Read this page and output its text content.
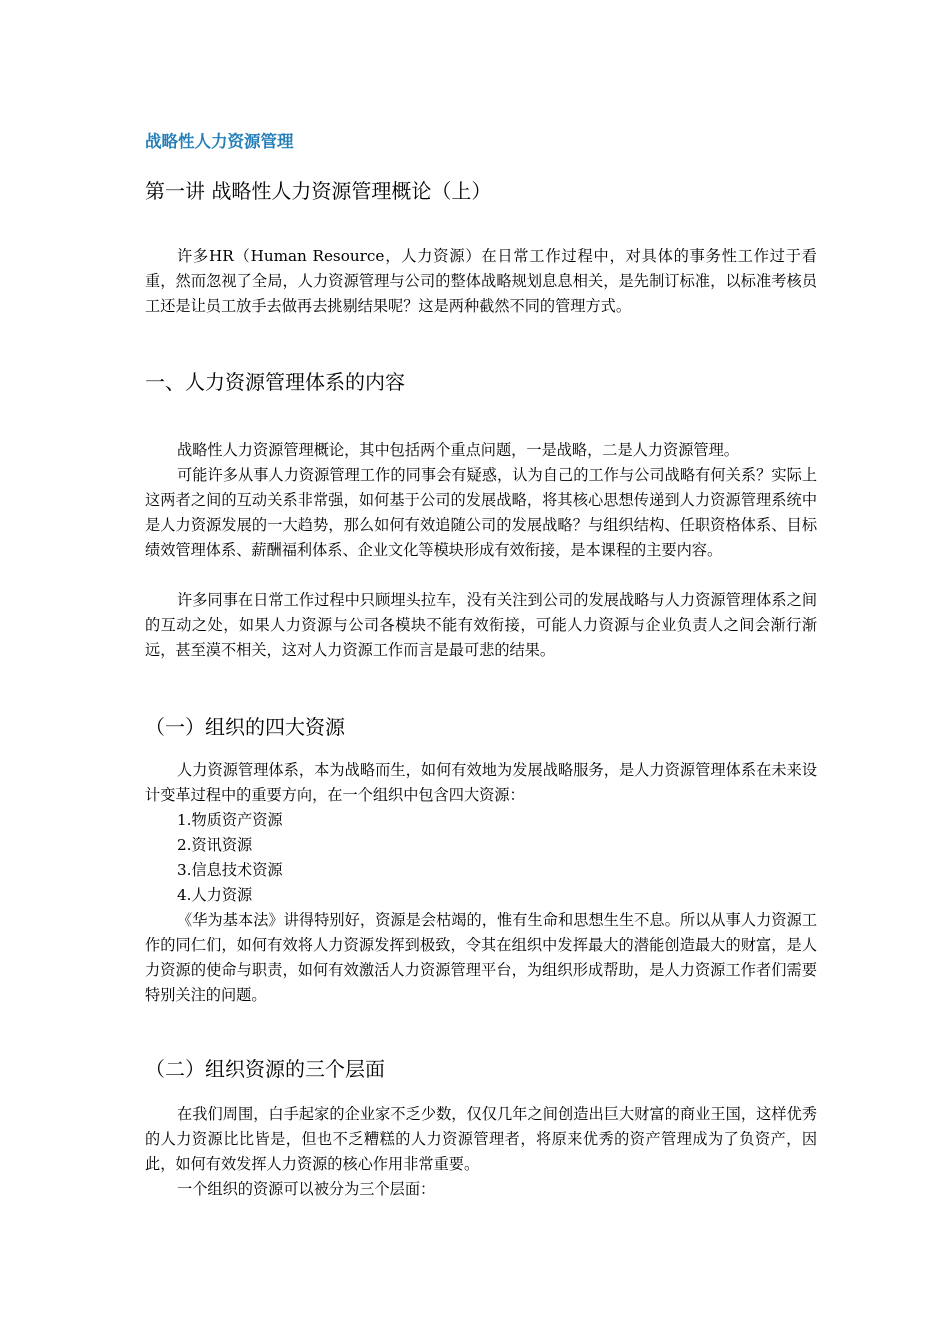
战略性人力资源管理
第一讲 战略性人力资源管理概论（上）

许多HR（Human Resource，人力资源）在日常工作过程中，对具体的事务性工作过于看重，然而忽视了全局，人力资源管理与公司的整体战略规划息息相关，是先制订标准，以标准考核员工还是让员工放手去做再去挑剔结果呢？这是两种截然不同的管理方式。

一、人力资源管理体系的内容

战略性人力资源管理概论，其中包括两个重点问题，一是战略，二是人力资源管理。

可能许多从事人力资源管理工作的同事会有疑惑，认为自己的工作与公司战略有何关系？实际上这两者之间的互动关系非常强，如何基于公司的发展战略，将其核心思想传递到人力资源管理系统中是人力资源发展的一大趋势，那么如何有效追随公司的发展战略？与组织结构、任职资格体系、目标绩效管理体系、薪酬福利体系、企业文化等模块形成有效衔接，是本课程的主要内容。

许多同事在日常工作过程中只顾埋头拉车，没有关注到公司的发展战略与人力资源管理体系之间的互动之处，如果人力资源与公司各模块不能有效衔接，可能人力资源与企业负责人之间会渐行渐远，甚至漠不相关，这对人力资源工作而言是最可悲的结果。

（一）组织的四大资源

人力资源管理体系，本为战略而生，如何有效地为发展战略服务，是人力资源管理体系在未来设计变革过程中的重要方向，在一个组织中包含四大资源：

1.物质资产资源
2.资讯资源
3.信息技术资源
4.人力资源

《华为基本法》讲得特别好，资源是会枯竭的，惟有生命和思想生生不息。所以从事人力资源工作的同仁们，如何有效将人力资源发挥到极致，令其在组织中发挥最大的潜能创造最大的财富，是人力资源的使命与职责，如何有效激活人力资源管理平台，为组织形成帮助，是人力资源工作者们需要特别关注的问题。

（二）组织资源的三个层面

在我们周围，白手起家的企业家不乏少数，仅仅几年之间创造出巨大财富的商业王国，这样优秀的人力资源比比皆是，但也不乏糟糕的人力资源管理者，将原来优秀的资产管理成为了负资产，因此，如何有效发挥人力资源的核心作用非常重要。

一个组织的资源可以被分为三个层面：
